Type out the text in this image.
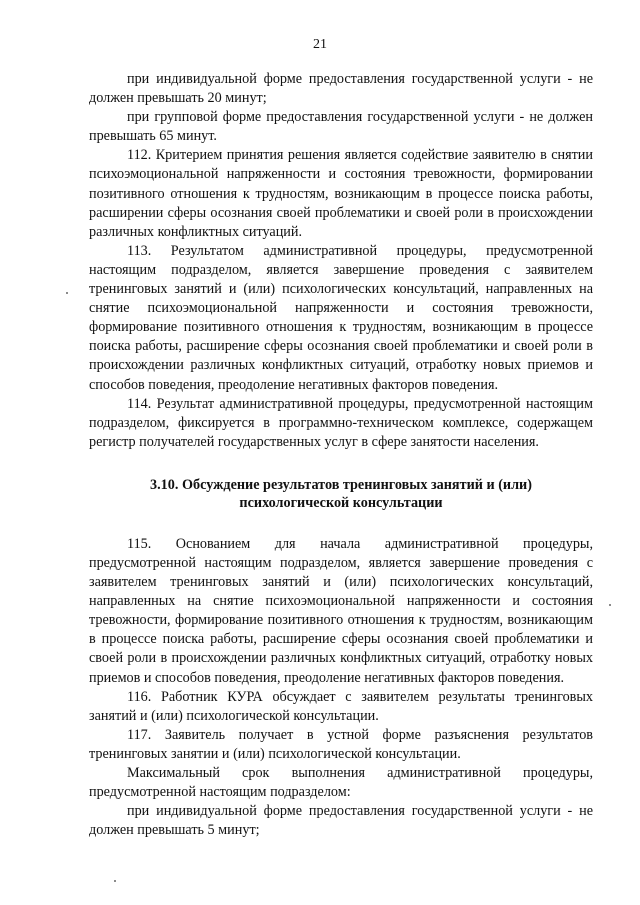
21

при индивидуальной форме предоставления государственной услуги - не должен превышать 20 минут;

при групповой форме предоставления государственной услуги - не должен превышать 65 минут.

112. Критерием принятия решения является содействие заявителю в снятии психоэмоциональной напряженности и состояния тревожности, формировании позитивного отношения к трудностям, возникающим в процессе поиска работы, расширении сферы осознания своей проблематики и своей роли в происхождении различных конфликтных ситуаций.

113. Результатом административной процедуры, предусмотренной настоящим подразделом, является завершение проведения с заявителем тренинговых занятий и (или) психологических консультаций, направленных на снятие психоэмоциональной напряженности и состояния тревожности, формирование позитивного отношения к трудностям, возникающим в процессе поиска работы, расширение сферы осознания своей проблематики и своей роли в происхождении различных конфликтных ситуаций, отработку новых приемов и способов поведения, преодоление негативных факторов поведения.

114. Результат административной процедуры, предусмотренной настоящим подразделом, фиксируется в программно-техническом комплексе, содержащем регистр получателей государственных услуг в сфере занятости населения.

3.10. Обсуждение результатов тренинговых занятий и (или)
психологической консультации

115. Основанием для начала административной процедуры, предусмотренной настоящим подразделом, является завершение проведения с заявителем тренинговых занятий и (или) психологических консультаций, направленных на снятие психоэмоциональной напряженности и состояния тревожности, формирование позитивного отношения к трудностям, возникающим в процессе поиска работы, расширение сферы осознания своей проблематики и своей роли в происхождении различных конфликтных ситуаций, отработку новых приемов и способов поведения, преодоление негативных факторов поведения.

116. Работник КУРА обсуждает с заявителем результаты тренинговых занятий и (или) психологической консультации.

117. Заявитель получает в устной форме разъяснения результатов тренинговых занятии и (или) психологической консультации.

Максимальный срок выполнения административной процедуры, предусмотренной настоящим подразделом:

при индивидуальной форме предоставления государственной услуги - не должен превышать 5 минут;
